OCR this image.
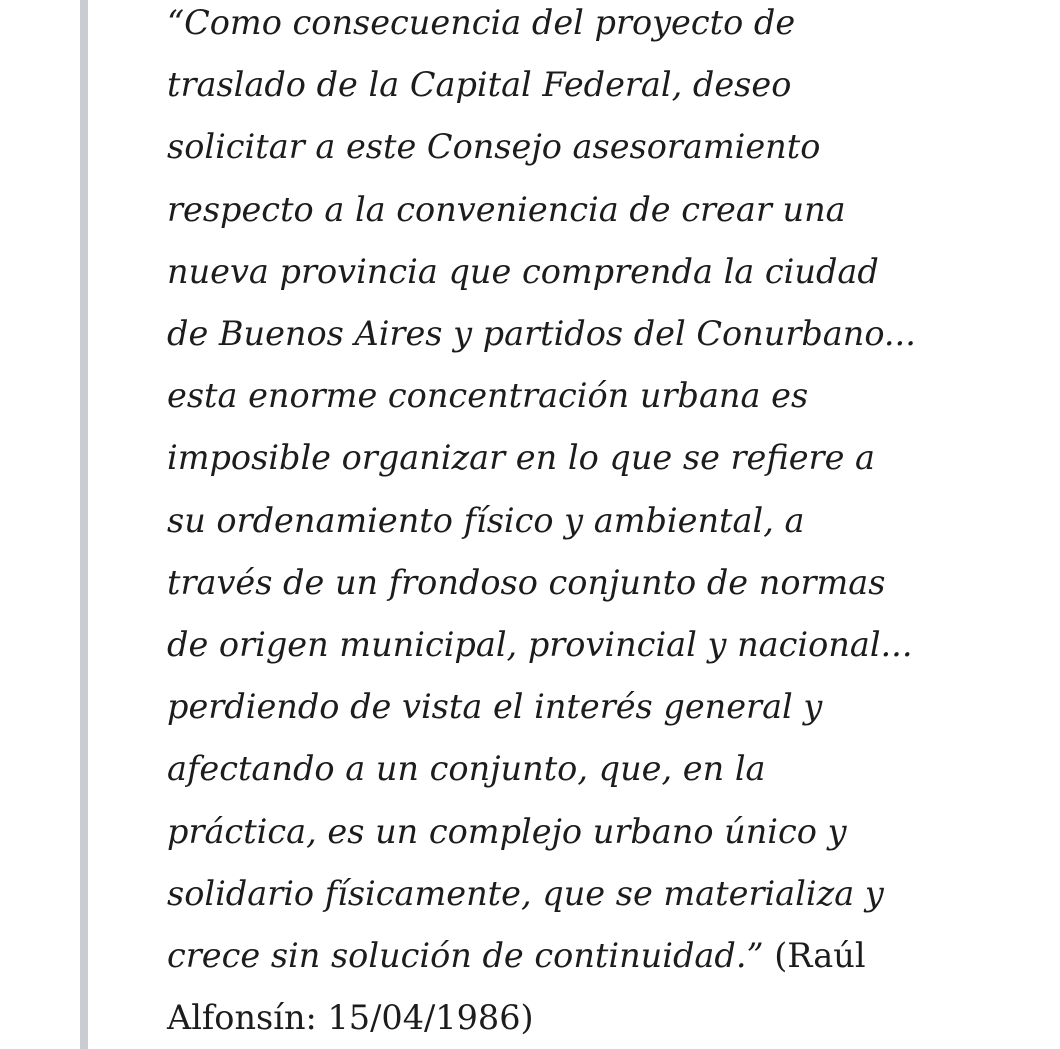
“Como consecuencia del proyecto de
traslado de la Capital Federal, deseo
solicitar a este Consejo asesoramiento
respecto a la conveniencia de crear una
nueva provincia que comprenda la ciudad
de Buenos Aires y partidos del Conurbano...
esta enorme concentración urbana es
imposible organizar en lo que se refiere a
su ordenamiento físico y ambiental, a
través de un frondoso conjunto de normas
de origen municipal, provincial y nacional...
perdiendo de vista el interés general y
afectando a un conjunto, que, en la
práctica, es un complejo urbano único y
solidario físicamente, que se materializa y
crece sin solución de continuidad.” (Raúl
Alfonsín: 15/04/1986)
